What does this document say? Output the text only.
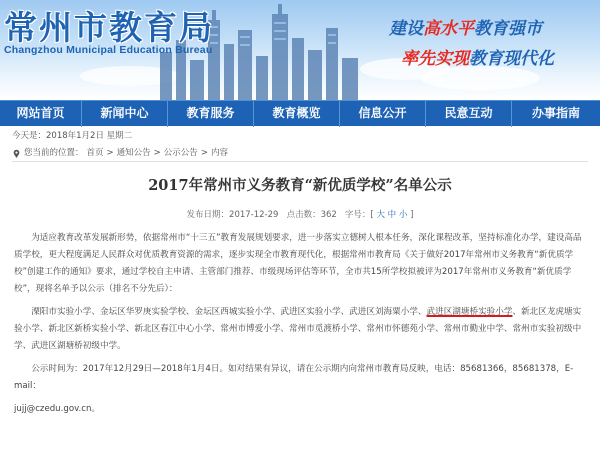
常州市教育局
Changzhou Municipal Education Bureau
建设高水平教育强市
率先实现教育现代化
网站首页	新闻中心	教育服务	教育概览	信息公开	民意互动	办事指南
今天是：2018年1月2日 星期二
您当前的位置： 首页 > 通知公告 > 公示公告 > 内容
2017年常州市义务教育“新优质学校”名单公示
发布日期：2017-12-29 点击数：362 字号：[ 大 中 小 ]

为适应教育改革发展新形势，依据常州市“十三五”教育发展规划要求，进一步落实立德树人根本任务，深化课程改革，坚持标准化办学，建设高品质学校，更大程度满足人民群众对优质教育资源的需求，逐步实现全市教育现代化，根据常州市教育局《关于做好2017年常州市义务教育“新优质学校”创建工作的通知》要求，通过学校自主申请、主管部门推荐、市级现场评估等环节，全市共15所学校拟被评为2017年常州市义务教育“新优质学校”，现将名单予以公示（排名不分先后）：

溧阳市实验小学、金坛区华罗庚实验学校、金坛区西城实验小学、武进区实验小学、武进区刘海粟小学、武进区湖塘桥实验小学、新北区龙虎塘实验小学、新北区新桥实验小学、新北区春江中心小学、常州市博爱小学、常州市觅渡桥小学、常州市怀德苑小学、常州市勤业中学、常州市实验初级中学、武进区湖塘桥初级中学。

公示时间为：2017年12月29日—2018年1月4日。如对结果有异议，请在公示期内向常州市教育局反映，电话：85681366，85681378，E-mail：

jujj@czedu.gov.cn。
